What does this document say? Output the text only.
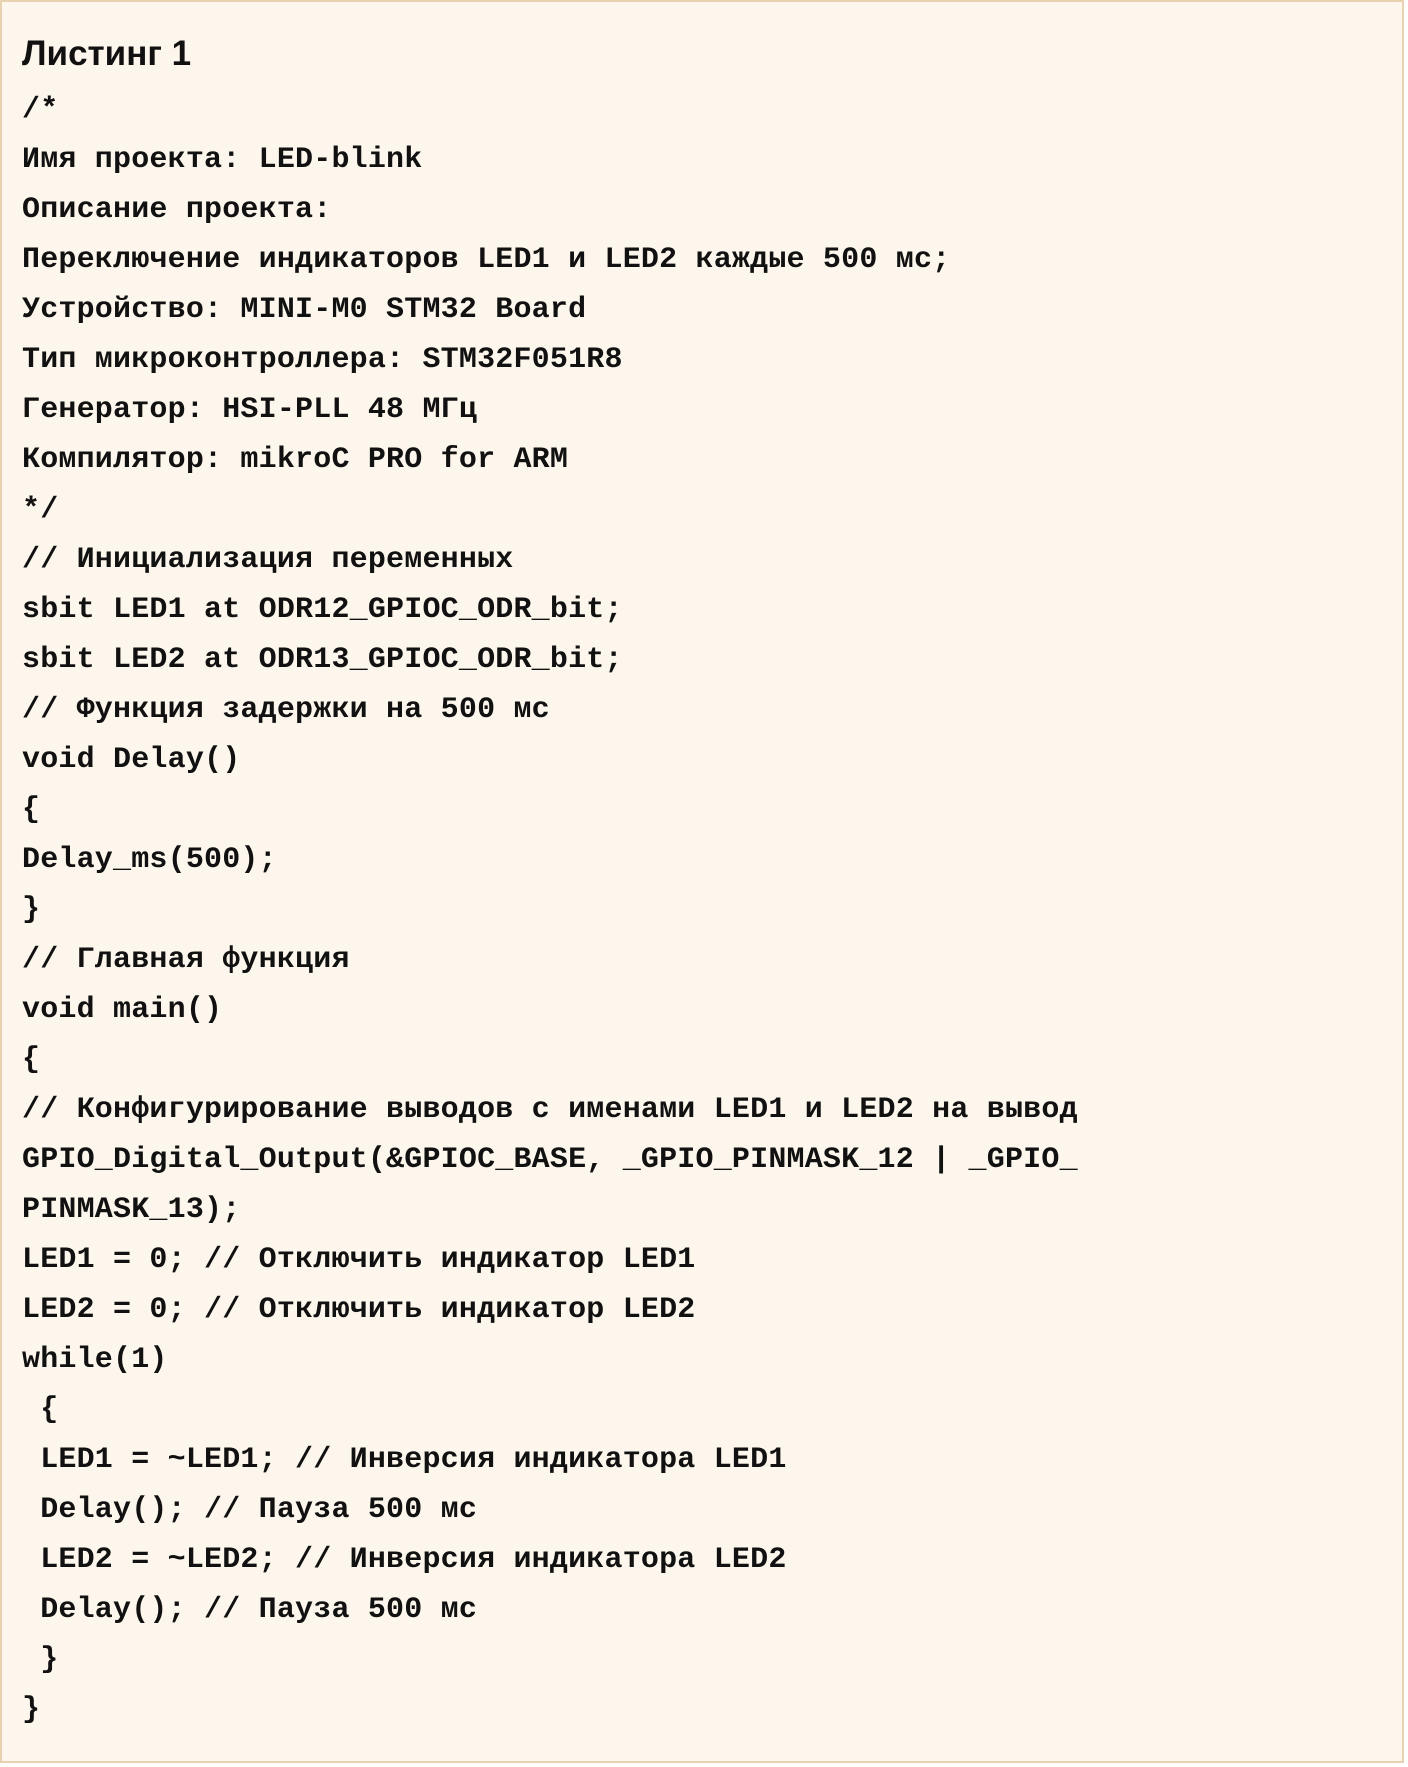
Листинг 1
/*
Имя проекта: LED-blink
Описание проекта:
Переключение индикаторов LED1 и LED2 каждые 500 мс;
Устройство: MINI-M0 STM32 Board
Тип микроконтроллера: STM32F051R8
Генератор: HSI-PLL 48 МГц
Компилятор: mikroC PRO for ARM
*/
// Инициализация переменных
sbit LED1 at ODR12_GPIOC_ODR_bit;
sbit LED2 at ODR13_GPIOC_ODR_bit;
// Функция задержки на 500 мс
void Delay()
{
Delay_ms(500);
}
// Главная функция
void main()
{
// Конфигурирование выводов с именами LED1 и LED2 на вывод
GPIO_Digital_Output(&GPIOC_BASE, _GPIO_PINMASK_12 | _GPIO_
PINMASK_13);
LED1 = 0; // Отключить индикатор LED1
LED2 = 0; // Отключить индикатор LED2
while(1)
{
LED1 = ~LED1; // Инверсия индикатора LED1
Delay(); // Пауза 500 мс
LED2 = ~LED2; // Инверсия индикатора LED2
Delay(); // Пауза 500 мс
}
}
